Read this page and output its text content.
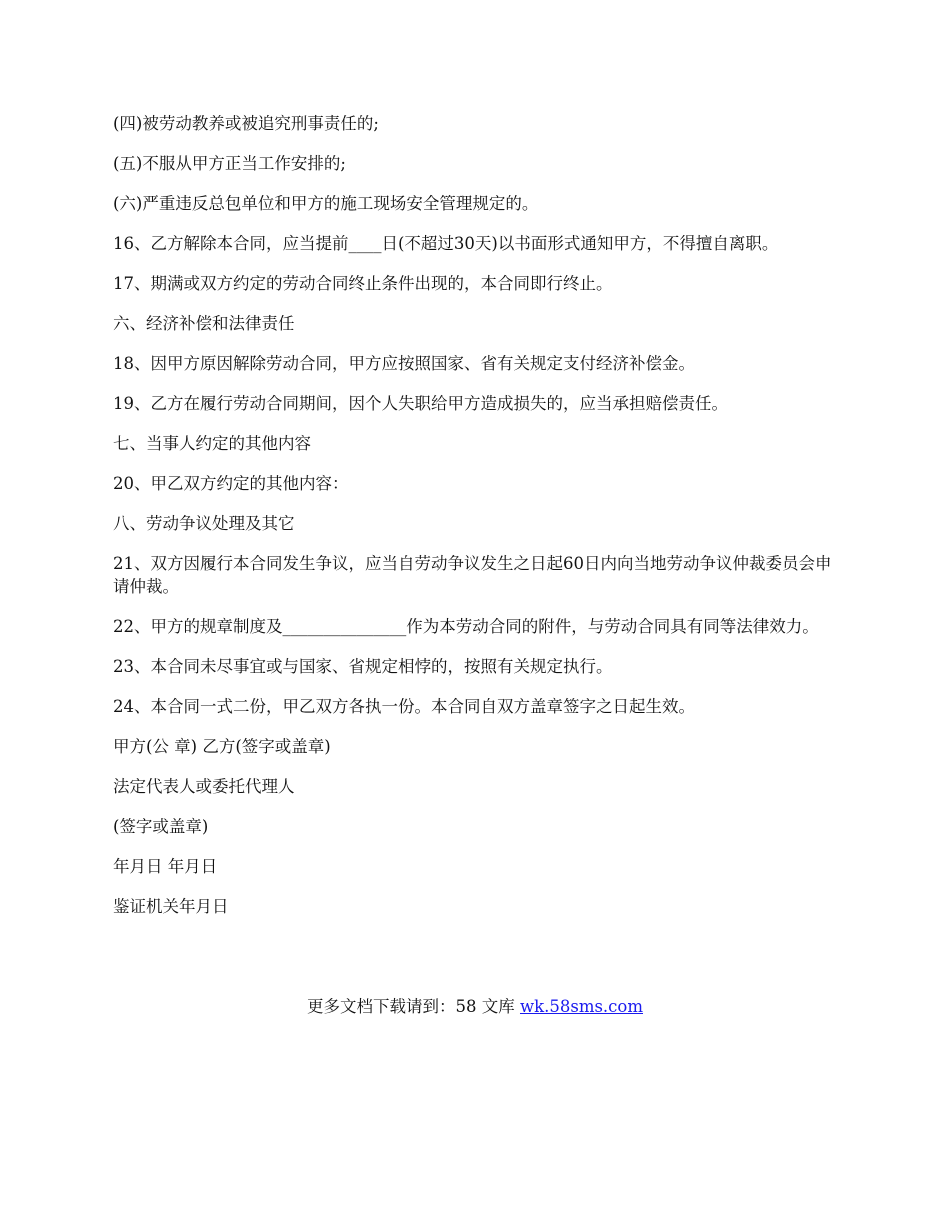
(四)被劳动教养或被追究刑事责任的;

(五)不服从甲方正当工作安排的;

(六)严重违反总包单位和甲方的施工现场安全管理规定的。

16、乙方解除本合同，应当提前____日(不超过30天)以书面形式通知甲方，不得擅自离职。

17、期满或双方约定的劳动合同终止条件出现的，本合同即行终止。

六、经济补偿和法律责任

18、因甲方原因解除劳动合同，甲方应按照国家、省有关规定支付经济补偿金。

19、乙方在履行劳动合同期间，因个人失职给甲方造成损失的，应当承担赔偿责任。

七、当事人约定的其他内容

20、甲乙双方约定的其他内容：

八、劳动争议处理及其它

21、双方因履行本合同发生争议，应当自劳动争议发生之日起60日内向当地劳动争议仲裁委员会申请仲裁。

22、甲方的规章制度及_______________作为本劳动合同的附件，与劳动合同具有同等法律效力。

23、本合同未尽事宜或与国家、省规定相悖的，按照有关规定执行。

24、本合同一式二份，甲乙双方各执一份。本合同自双方盖章签字之日起生效。

甲方(公 章) 乙方(签字或盖章)

法定代表人或委托代理人

(签字或盖章)

年月日 年月日

鉴证机关年月日

更多文档下载请到：58 文库 wk.58sms.com
